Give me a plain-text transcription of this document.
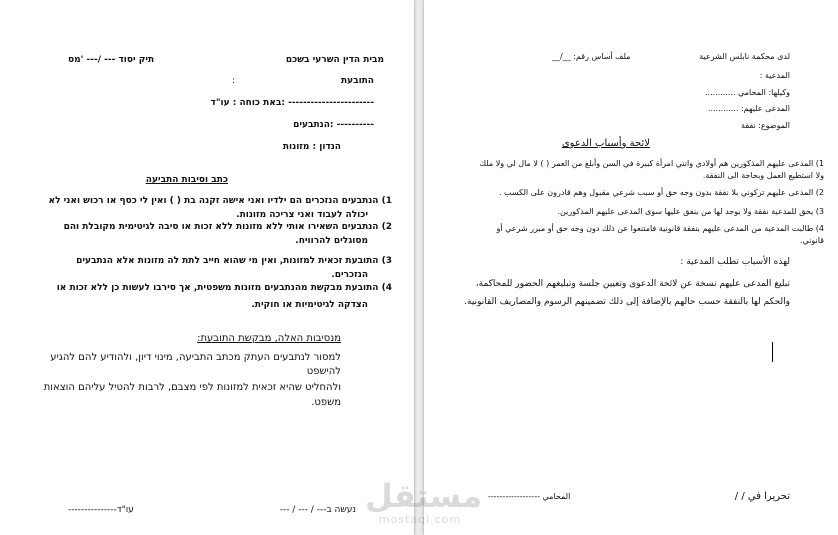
מבית הדין השרעי בשכם
תיק יסוד --- /--- 'מס
התובעת
:
----------------------- :באת כוחה : עו"ד
---------- :הנתבעים
הנדון : מזונות
כתב וסיבות התביעה
1) הנתבעים הנזכרים הם ילדיו ואני אישה זקנה בת ( ) ואין לי כסף או רכוש ואני לא
יכולה לעבוד ואני צריכה מזונות.
2) הנתבעים השאירו אותי ללא מזונות ללא זכות או סיבה לגיטימית מקובלת והם
מסוגלים להרוויח.
3) התובעת זכאית למזונות, ואין מי שהוא חייב לתת לה מזונות אלא הנתבעים
הנזכרים.
4) התובעת מבקשת מהנתבעים מזונות משפטית, אך סירבו לעשות כן ללא זכות או
הצדקה לגיטימיות או חוקית.
מנסיבות האלה, מבקשת התובעת:
למסור לנתבעים העתק מכתב התביעה, מינוי דיון, ולהודיע להם להגיע
להישפט
ולהחליט שהיא זכאית למזונות לפי מצבם, לרבות להטיל עליהם הוצאות
משפט.
נעשה ב--- / --- / ---
עו"ד---------------
لدى محكمة نابلس الشرعية
ملف أساس رقم: __/__
المدعية :
وكيلها: المحامي ............
المدعى عليهم: ............
الموضوع: نفقة
لائحة وأسباب الدعوى
1) المدعى عليهم المذكورين هم أولادي وانني امرأة كبيرة في السن وأبلغ من العمر ( ) لا مال لي ولا ملك
ولا استطيع العمل وبحاجة الى النفقة.
2) المدعى عليهم تركوني بلا نفقة بدون وجه حق أو سبب شرعي مقبول وهم قادرون على الكسب .
3) يحق للمدعية نفقة ولا يوجد لها من ينفق عليها سوى المدعى عليهم المذكورين.
4) طالبت المدعية من المدعى عليهم بنفقة قانونية فامتنعوا عن ذلك دون وجه حق أو مبرر شرعي أو
قانوني.
لهذه الأسباب تطلب المدعية :
تبليغ المدعى عليهم نسخة عن لائحة الدعوى وتعيين جلسة وتبليغهم الحضور للمحاكمة،
والحكم لها بالنفقة حسب حالهم بالإضافة إلى ذلك تضمينهم الرسوم والمصاريف القانونية.
تحريرا في / /
المحامي ------------------
مستقل
mostaql.com
